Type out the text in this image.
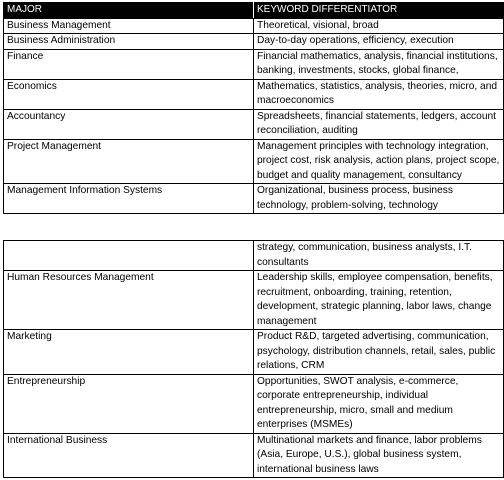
MAJOR	KEYWORD DIFFERENTIATOR
Business Management	Theoretical, visional, broad
Business Administration	Day-to-day operations, efficiency, execution
Finance	Financial mathematics, analysis, financial institutions, banking, investments, stocks, global finance,
Economics	Mathematics, statistics, analysis, theories, micro, and macroeconomics
Accountancy	Spreadsheets, financial statements, ledgers, account reconciliation, auditing
Project Management	Management principles with technology integration, project cost, risk analysis, action plans, project scope, budget and quality management, consultancy
Management Information Systems	Organizational, business process, business technology, problem-solving, technology
	strategy, communication, business analysts, I.T. consultants
Human Resources Management	Leadership skills, employee compensation, benefits, recruitment, onboarding, training, retention, development, strategic planning, labor laws, change management
Marketing	Product R&D, targeted advertising, communication, psychology, distribution channels, retail, sales, public relations, CRM
Entrepreneurship	Opportunities, SWOT analysis, e-commerce, corporate entrepreneurship, individual entrepreneurship, micro, small and medium enterprises (MSMEs)
International Business	Multinational markets and finance, labor problems (Asia, Europe, U.S.), global business system, international business laws
